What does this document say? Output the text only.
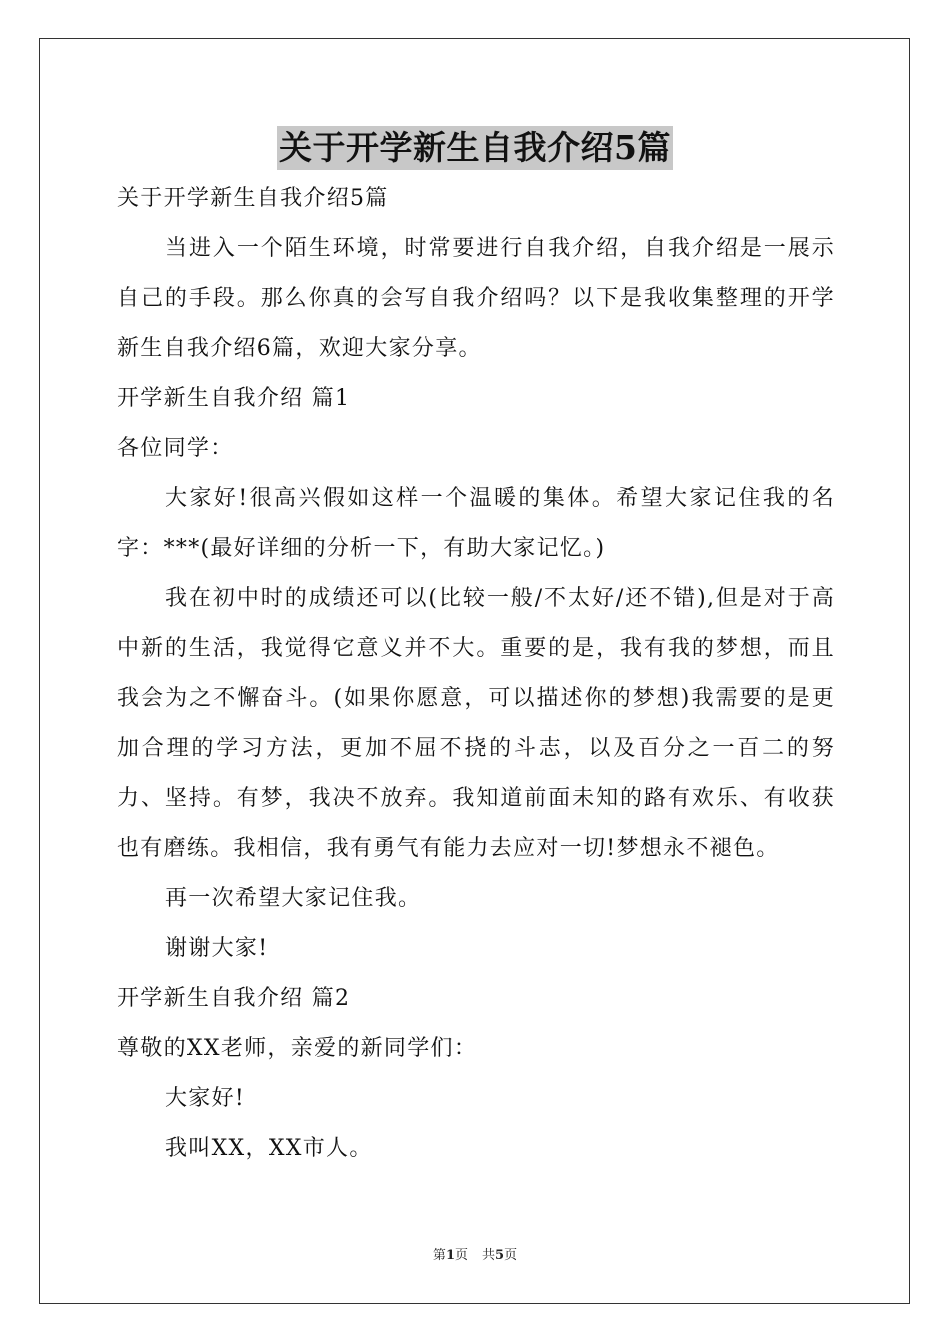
关于开学新生自我介绍5篇

关于开学新生自我介绍5篇

当进入一个陌生环境，时常要进行自我介绍，自我介绍是一展示自己的手段。那么你真的会写自我介绍吗？以下是我收集整理的开学新生自我介绍6篇，欢迎大家分享。

开学新生自我介绍 篇1

各位同学：

大家好!很高兴假如这样一个温暖的集体。希望大家记住我的名字：***(最好详细的分析一下，有助大家记忆。)

我在初中时的成绩还可以(比较一般/不太好/还不错),但是对于高中新的生活，我觉得它意义并不大。重要的是，我有我的梦想，而且我会为之不懈奋斗。(如果你愿意，可以描述你的梦想)我需要的是更加合理的学习方法，更加不屈不挠的斗志，以及百分之一百二的努力、坚持。有梦，我决不放弃。我知道前面未知的路有欢乐、有收获也有磨练。我相信，我有勇气有能力去应对一切!梦想永不褪色。

再一次希望大家记住我。

谢谢大家!

开学新生自我介绍 篇2

尊敬的XX老师，亲爱的新同学们：

大家好!

我叫XX，XX市人。

第1页 共5页
